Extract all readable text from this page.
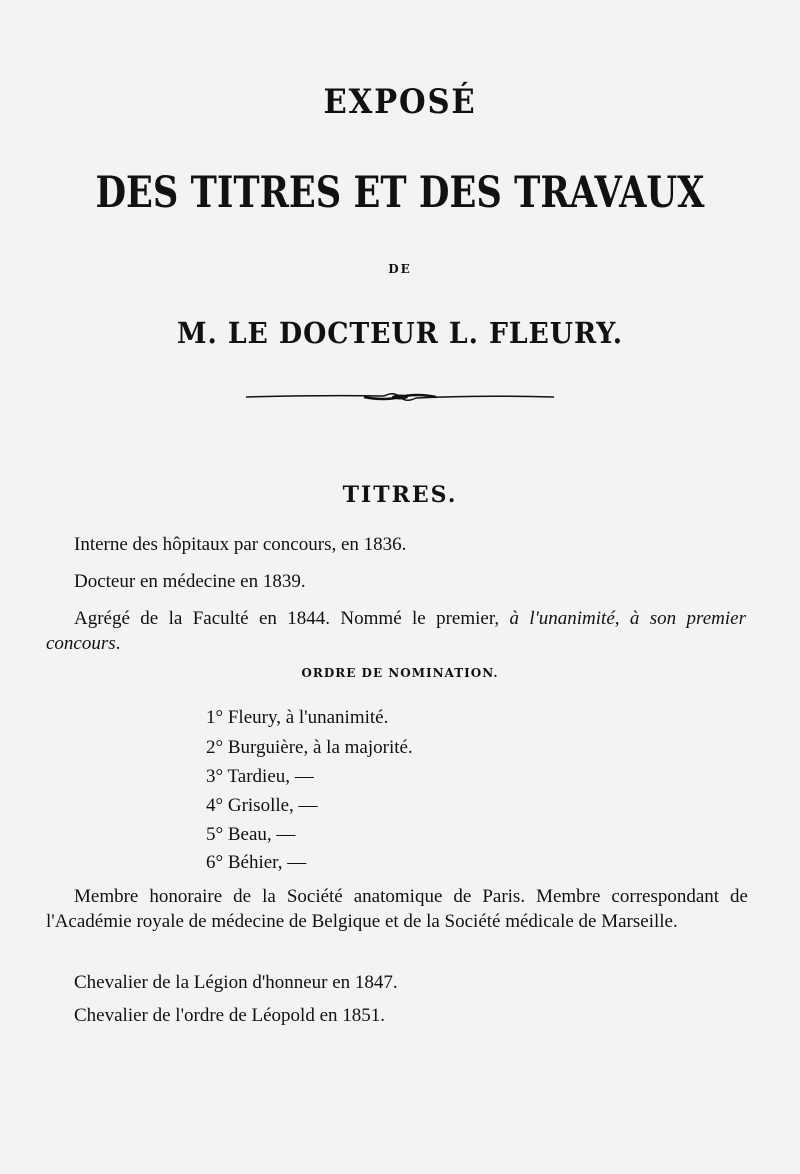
EXPOSÉ
DES TITRES ET DES TRAVAUX
DE
M. LE DOCTEUR L. FLEURY.
TITRES.
Interne des hôpitaux par concours, en 1836.
Docteur en médecine en 1839.
Agrégé de la Faculté en 1844. Nommé le premier, à l'unanimité, à son premier concours.
ORDRE DE NOMINATION.
1° Fleury, à l'unanimité.
2° Burguière, à la majorité.
3° Tardieu, —
4° Grisolle, —
5° Beau, —
6° Béhier, —
Membre honoraire de la Société anatomique de Paris. Membre correspondant de l'Académie royale de médecine de Belgique et de la Société médicale de Marseille.
Chevalier de la Légion d'honneur en 1847.
Chevalier de l'ordre de Léopold en 1851.
